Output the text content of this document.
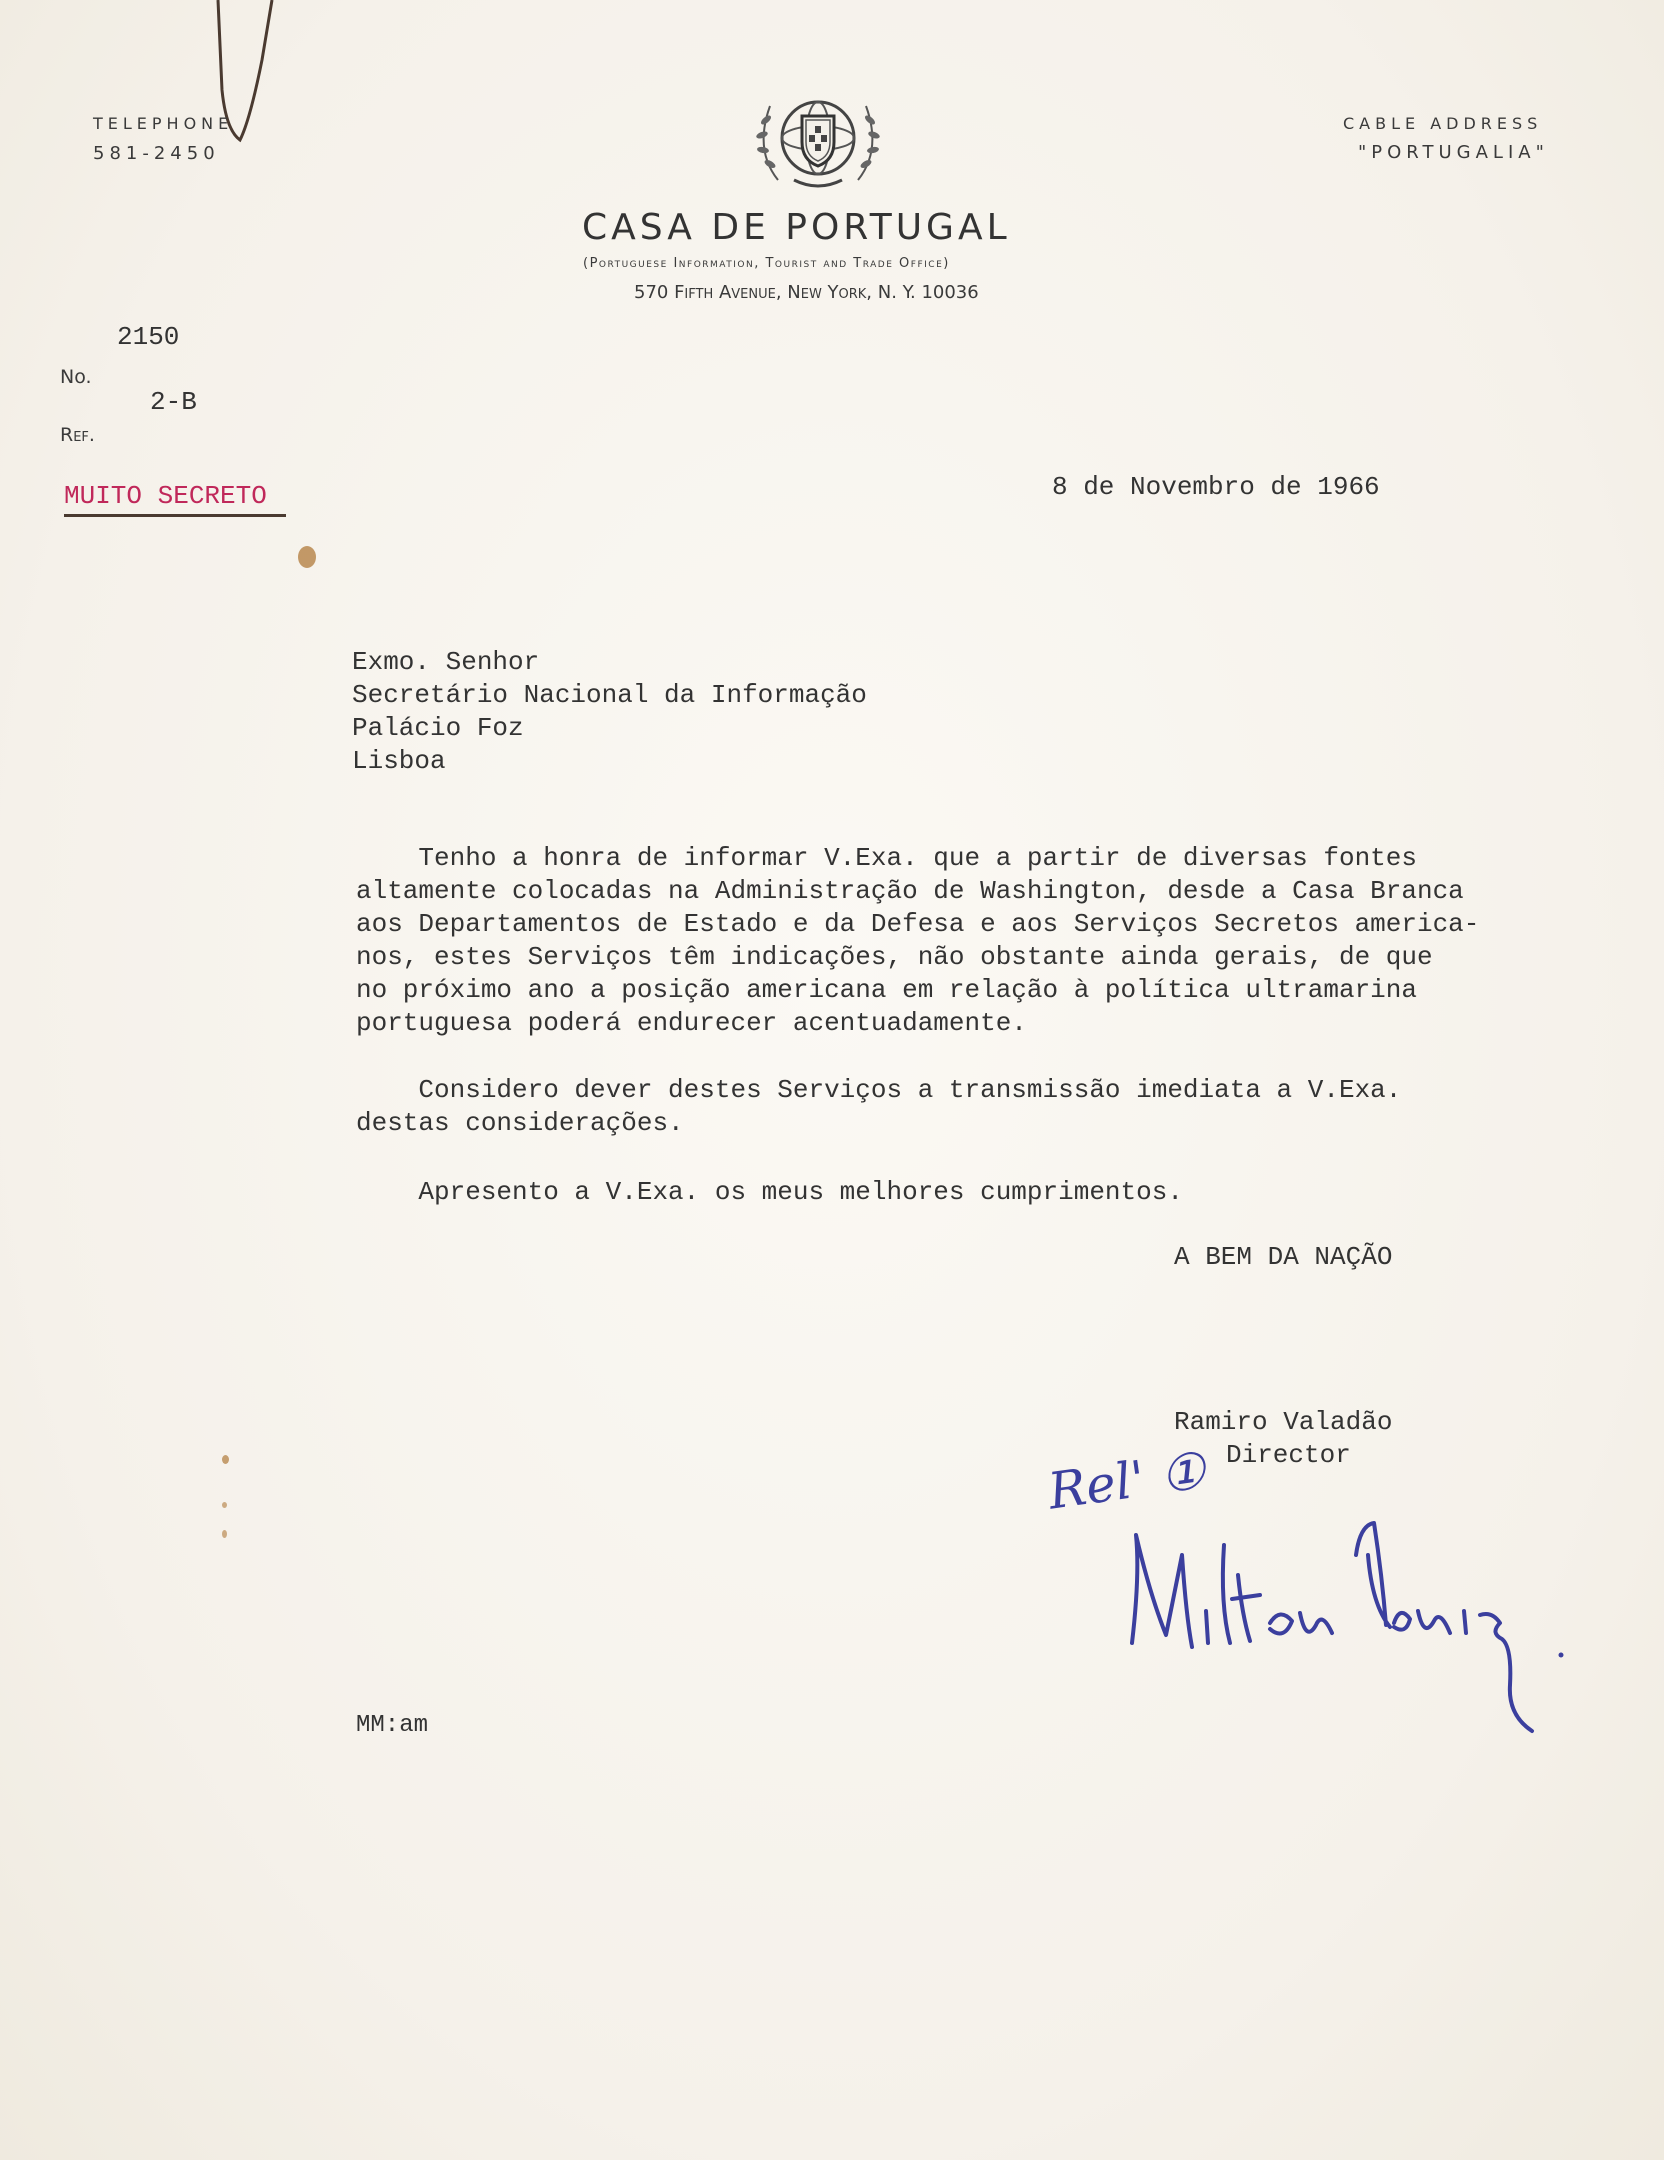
TELEPHONE
581-2450
CABLE ADDRESS
"PORTUGALIA"
CASA DE PORTUGAL
(Portuguese Information, Tourist and Trade Office)
570 Fifth Avenue, New York, N. Y. 10036
2150
No.
2-B
Ref.
MUITO SECRETO	8 de Novembro de 1966
Exmo. Senhor
Secretário Nacional da Informação
Palácio Foz
Lisboa
Tenho a honra de informar V.Exa. que a partir de diversas fontes
altamente colocadas na Administração de Washington, desde a Casa Branca
aos Departamentos de Estado e da Defesa e aos Serviços Secretos america-
nos, estes Serviços têm indicações, não obstante ainda gerais, de que
no próximo ano a posição americana em relação à política ultramarina
portuguesa poderá endurecer acentuadamente.
Considero dever destes Serviços a transmissão imediata a V.Exa.
destas considerações.
Apresento a V.Exa. os meus melhores cumprimentos.
A BEM DA NAÇÃO
Ramiro Valadão
Director
Rel' ①
MM:am
